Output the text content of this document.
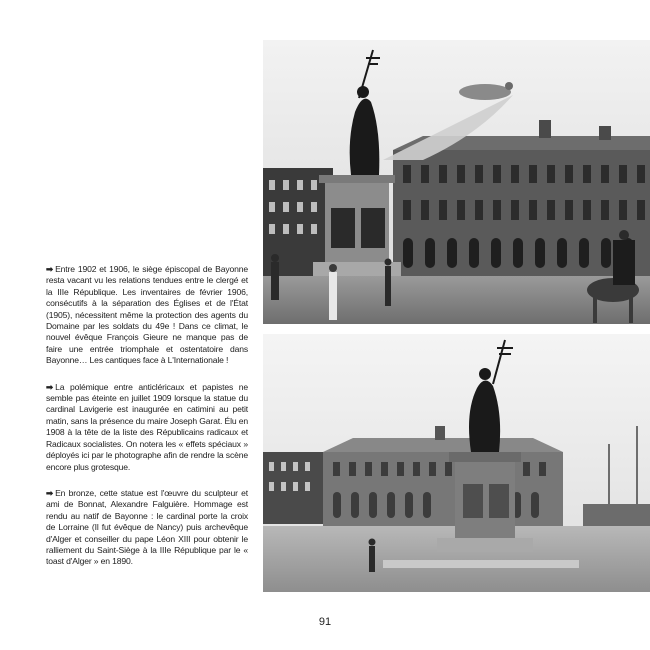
➡ Entre 1902 et 1906, le siège épiscopal de Bayonne resta vacant vu les relations tendues entre le clergé et la IIIe République. Les inventaires de février 1906, consécutifs à la séparation des Églises et de l'État (1905), nécessitent même la protection des agents du Domaine par les soldats du 49e ! Dans ce climat, le nouvel évêque François Gieure ne manque pas de faire une entrée triomphale et ostentatoire dans Bayonne… Les cantiques face à L'Internationale !

➡ La polémique entre anticléricaux et papistes ne semble pas éteinte en juillet 1909 lorsque la statue du cardinal Lavigerie est inaugurée en catimini au petit matin, sans la présence du maire Joseph Garat. Élu en 1908 à la tête de la liste des Républicains radicaux et Radicaux socialistes. On notera les « effets spéciaux » déployés ici par le photographe afin de rendre la scène encore plus grotesque.

➡ En bronze, cette statue est l'œuvre du sculpteur et ami de Bonnat, Alexandre Falguière. Hommage est rendu au natif de Bayonne : le cardinal porte la croix de Lorraine (Il fut évêque de Nancy) puis archevêque d'Alger et conseiller du pape Léon XIII pour obtenir le ralliement du Saint-Siège à la IIIe République par le « toast d'Alger » en 1890.

91
